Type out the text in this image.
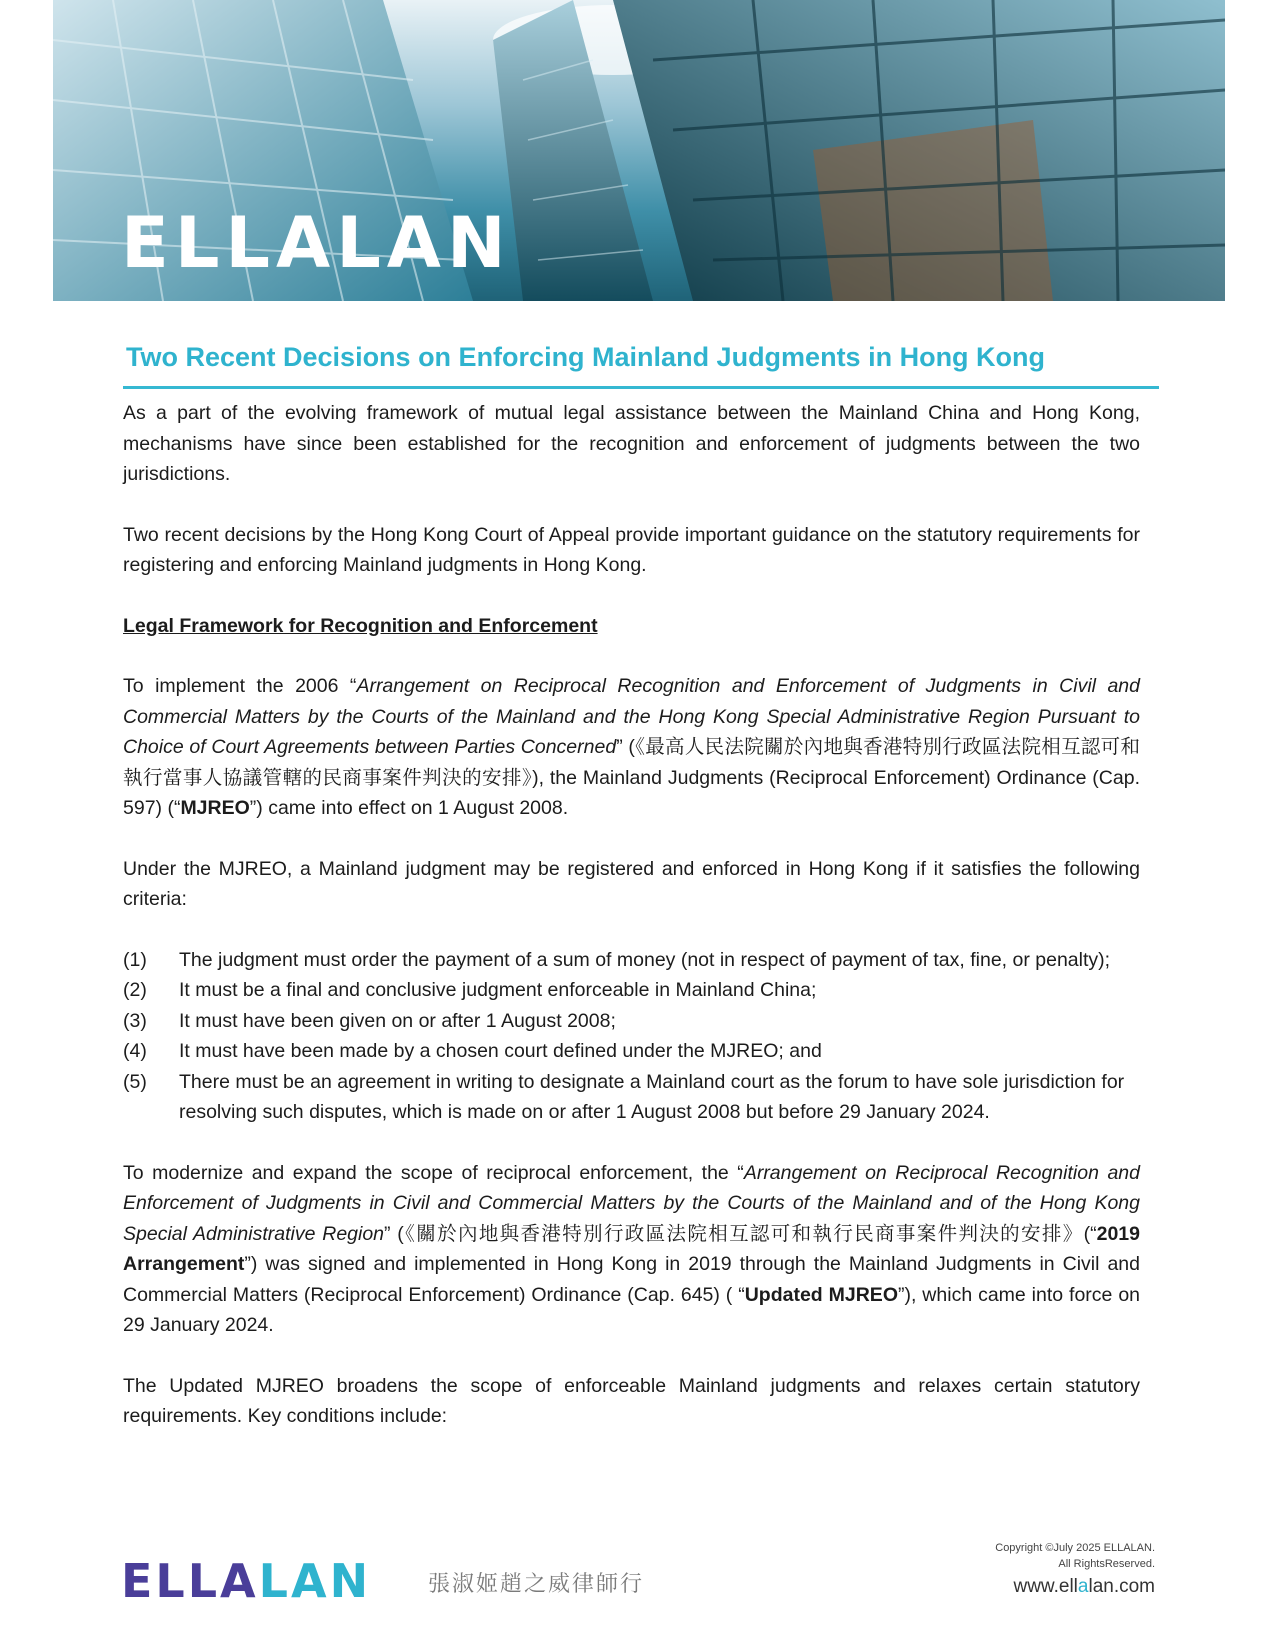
ELLALAN
Two Recent Decisions on Enforcing Mainland Judgments in Hong Kong

As a part of the evolving framework of mutual legal assistance between the Mainland China and Hong Kong, mechanisms have since been established for the recognition and enforcement of judgments between the two jurisdictions.

Two recent decisions by the Hong Kong Court of Appeal provide important guidance on the statutory requirements for registering and enforcing Mainland judgments in Hong Kong.

Legal Framework for Recognition and Enforcement

To implement the 2006 “Arrangement on Reciprocal Recognition and Enforcement of Judgments in Civil and Commercial Matters by the Courts of the Mainland and the Hong Kong Special Administrative Region Pursuant to Choice of Court Agreements between Parties Concerned” (《最高人民法院關於內地與香港特別行政區法院相互認可和執行當事人協議管轄的民商事案件判決的安排》), the Mainland Judgments (Reciprocal Enforcement) Ordinance (Cap. 597) (“MJREO”) came into effect on 1 August 2008.

Under the MJREO, a Mainland judgment may be registered and enforced in Hong Kong if it satisfies the following criteria:

(1)	The judgment must order the payment of a sum of money (not in respect of payment of tax, fine, or penalty);
(2)	It must be a final and conclusive judgment enforceable in Mainland China;
(3)	It must have been given on or after 1 August 2008;
(4)	It must have been made by a chosen court defined under the MJREO; and
(5)	There must be an agreement in writing to designate a Mainland court as the forum to have sole jurisdiction for resolving such disputes, which is made on or after 1 August 2008 but before 29 January 2024.

To modernize and expand the scope of reciprocal enforcement, the “Arrangement on Reciprocal Recognition and Enforcement of Judgments in Civil and Commercial Matters by the Courts of the Mainland and of the Hong Kong Special Administrative Region” (《關於內地與香港特別行政區法院相互認可和執行民商事案件判決的安排》(“2019 Arrangement”) was signed and implemented in Hong Kong in 2019 through the Mainland Judgments in Civil and Commercial Matters (Reciprocal Enforcement) Ordinance (Cap. 645) ( “Updated MJREO”), which came into force on 29 January 2024.

The Updated MJREO broadens the scope of enforceable Mainland judgments and relaxes certain statutory requirements. Key conditions include:

ELLALAN	張淑姬趙之威律師行
Copyright ©July 2025 ELLALAN.
All RightsReserved.
www.ellalan.com
